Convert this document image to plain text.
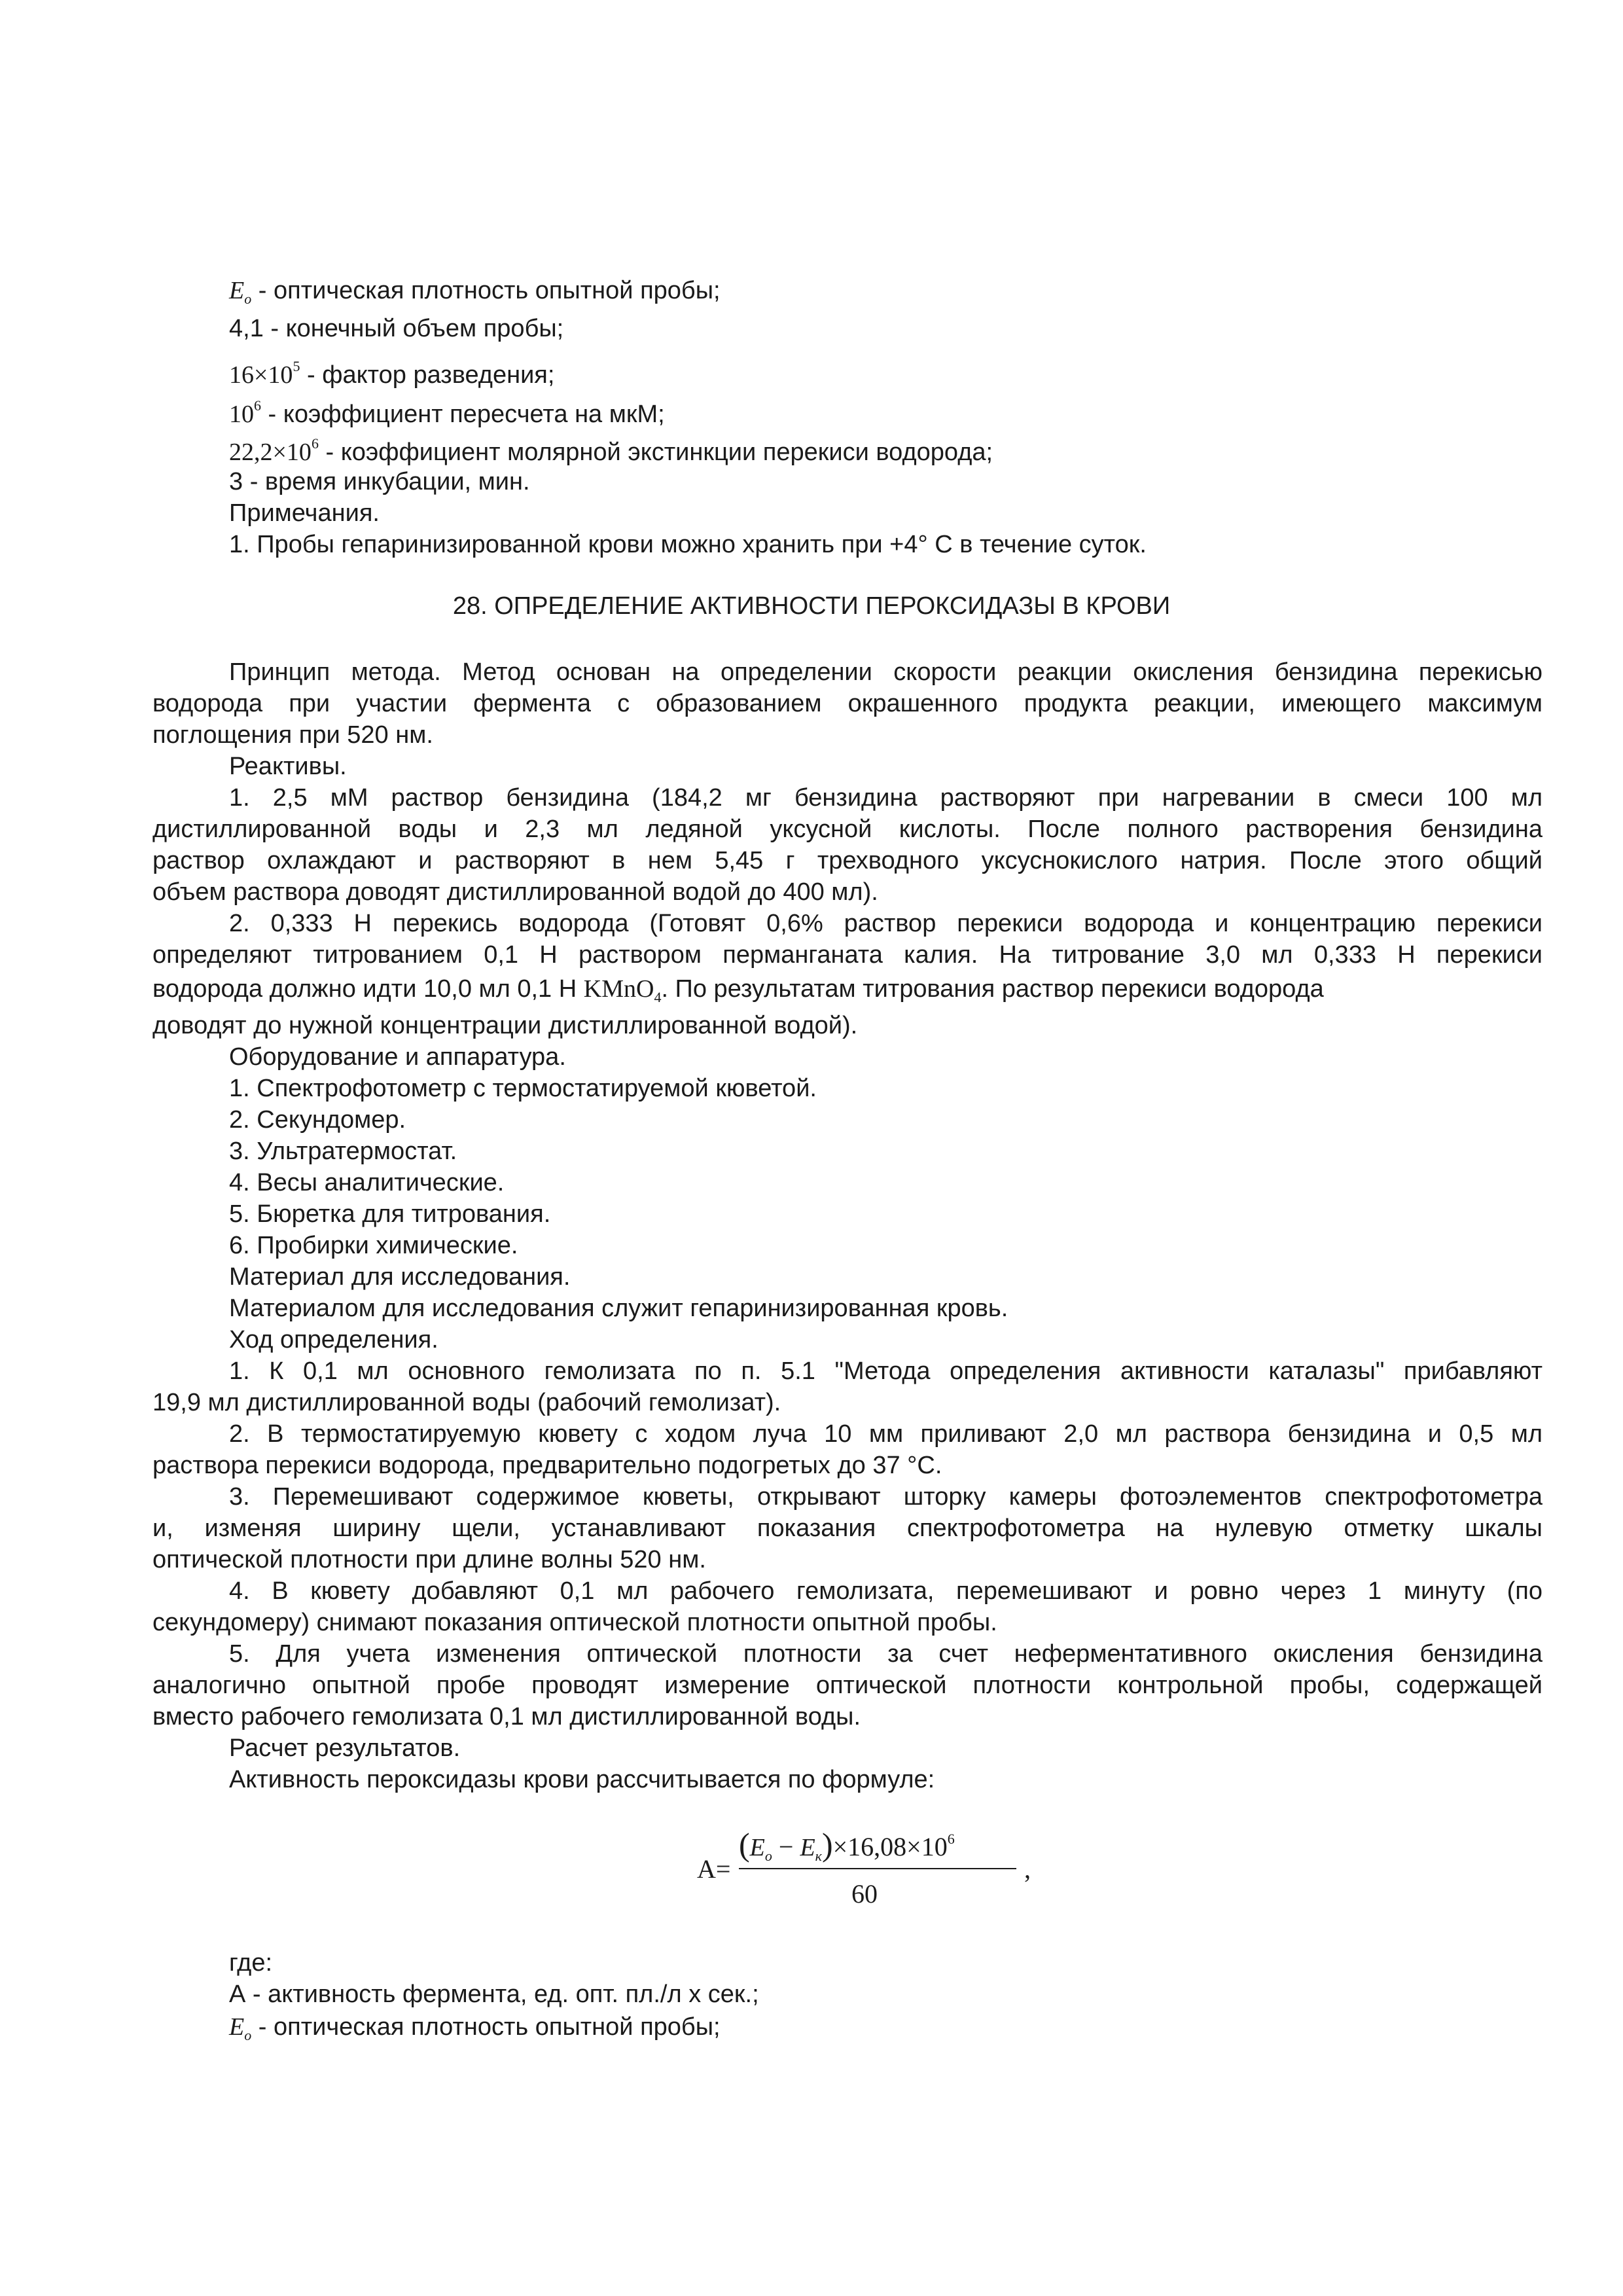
$E_о$ - оптическая плотность опытной пробы;
4,1 - конечный объем пробы;
$16\times 10^5$ - фактор разведения;
$10^6$ - коэффициент пересчета на мкМ;
$22,2\times 10^6$ - коэффициент молярной экстинкции перекиси водорода;
3 - время инкубации, мин.
Примечания.
1. Пробы гепаринизированной крови можно хранить при +4° С в течение суток.
28. ОПРЕДЕЛЕНИЕ АКТИВНОСТИ ПЕРОКСИДАЗЫ В КРОВИ
Принцип метода. Метод основан на определении скорости реакции окисления бензидина перекисью
водорода при участии фермента с образованием окрашенного продукта реакции, имеющего максимум
поглощения при 520 нм.
Реактивы.
1. 2,5 мМ раствор бензидина (184,2 мг бензидина растворяют при нагревании в смеси 100 мл
дистиллированной воды и 2,3 мл ледяной уксусной кислоты. После полного растворения бензидина
раствор охлаждают и растворяют в нем 5,45 г трехводного уксуснокислого натрия. После этого общий
объем раствора доводят дистиллированной водой до 400 мл).
2. 0,333 Н перекись водорода (Готовят 0,6% раствор перекиси водорода и концентрацию перекиси
определяют титрованием 0,1 Н раствором перманганата калия. На титрование 3,0 мл 0,333 Н перекиси
водорода должно идти 10,0 мл 0,1 Н KMnO$_4$. По результатам титрования раствор перекиси водорода
доводят до нужной концентрации дистиллированной водой).
Оборудование и аппаратура.
1. Спектрофотометр с термостатируемой кюветой.
2. Секундомер.
3. Ультратермостат.
4. Весы аналитические.
5. Бюретка для титрования.
6. Пробирки химические.
Материал для исследования.
Материалом для исследования служит гепаринизированная кровь.
Ход определения.
1. К 0,1 мл основного гемолизата по п. 5.1 "Метода определения активности каталазы" прибавляют
19,9 мл дистиллированной воды (рабочий гемолизат).
2. В термостатируемую кювету с ходом луча 10 мм приливают 2,0 мл раствора бензидина и 0,5 мл
раствора перекиси водорода, предварительно подогретых до 37 °С.
3. Перемешивают содержимое кюветы, открывают шторку камеры фотоэлементов спектрофотометра
и, изменяя ширину щели, устанавливают показания спектрофотометра на нулевую отметку шкалы
оптической плотности при длине волны 520 нм.
4. В кювету добавляют 0,1 мл рабочего гемолизата, перемешивают и ровно через 1 минуту (по
секундомеру) снимают показания оптической плотности опытной пробы.
5. Для учета изменения оптической плотности за счет неферментативного окисления бензидина
аналогично опытной пробе проводят измерение оптической плотности контрольной пробы, содержащей
вместо рабочего гемолизата 0,1 мл дистиллированной воды.
Расчет результатов.
Активность пероксидазы крови рассчитывается по формуле:
A=
$(E_о - E_к)\times 16,08\times 10^6$
60
,
где:
А - активность фермента, ед. опт. пл./л х сек.;
$E_о$ - оптическая плотность опытной пробы;
